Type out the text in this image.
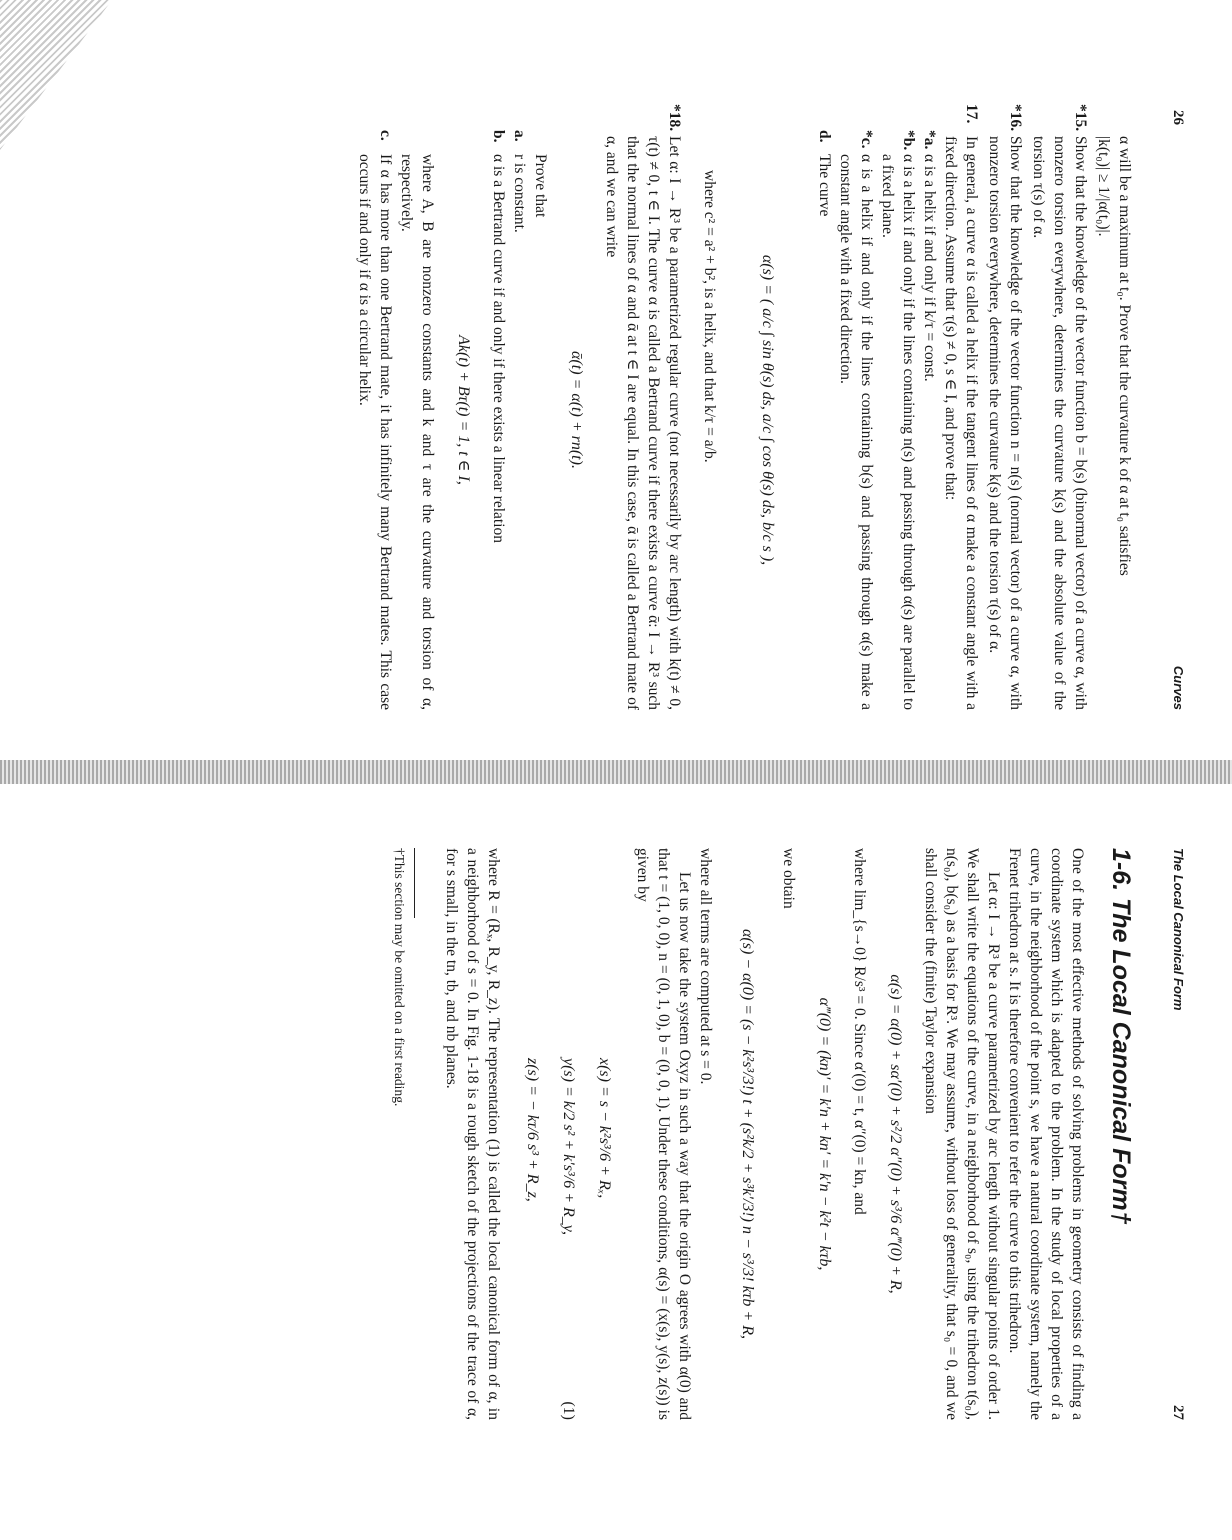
26
Curves

α will be a maximum at t₀. Prove that the curvature k of α at t₀ satisfies

|k(t₀)| ≥ 1/|α(t₀)|.

*15.
Show that the knowledge of the vector function b = b(s) (binormal vector) of a curve α, with nonzero torsion everywhere, determines the curvature k(s) and the absolute value of the torsion τ(s) of α.
*16.
Show that the knowledge of the vector function n = n(s) (normal vector) of a curve α, with nonzero torsion everywhere, determines the curvature k(s) and the torsion τ(s) of α.
17.
In general, a curve α is called a helix if the tangent lines of α make a constant angle with a fixed direction. Assume that τ(s) ≠ 0, s ∈ I, and prove that:
*a.
α is a helix if and only if k/τ = const.
*b.
α is a helix if and only if the lines containing n(s) and passing through α(s) are parallel to a fixed plane.
*c.
α is a helix if and only if the lines containing b(s) and passing through α(s) make a constant angle with a fixed direction.
d.
The curve
α(s) = ( a/c ∫ sin θ(s) ds, a/c ∫ cos θ(s) ds, b/c s ),

where c² = a² + b², is a helix, and that k/τ = a/b.

*18.
Let α: I → R³ be a parametrized regular curve (not necessarily by arc length) with k(t) ≠ 0, τ(t) ≠ 0, t ∈ I. The curve α is called a Bertrand curve if there exists a curve ᾱ: I → R³ such that the normal lines of α and ᾱ at t ∈ I are equal. In this case, ᾱ is called a Bertrand mate of α, and we can write
ᾱ(t) = α(t) + rn(t).

Prove that

a.
r is constant.
b.
α is a Bertrand curve if and only if there exists a linear relation
Ak(t) + Bτ(t) = 1, t ∈ I,

where A, B are nonzero constants and k and τ are the curvature and torsion of α, respectively.

c.
If α has more than one Bertrand mate, it has infinitely many Bertrand mates. This case occurs if and only if α is a circular helix.
The Local Canonical Form
27
1-6. The Local Canonical Form†

One of the most effective methods of solving problems in geometry consists of finding a coordinate system which is adapted to the problem. In the study of local properties of a curve, in the neighborhood of the point s, we have a natural coordinate system, namely the Frenet trihedron at s. It is therefore convenient to refer the curve to this trihedron.

Let α: I → R³ be a curve parametrized by arc length without singular points of order 1. We shall write the equations of the curve, in a neighborhood of s₀, using the trihedron t(s₀), n(s₀), b(s₀) as a basis for R³. We may assume, without loss of generality, that s₀ = 0, and we shall consider the (finite) Taylor expansion

α(s) = α(0) + sα′(0) + s²/2 α″(0) + s³/6 α‴(0) + R,

where lim_{s→0} R/s³ = 0. Since α′(0) = t, α″(0) = kn, and

α‴(0) = (kn)′ = k′n + kn′ = k′n − k²t − kτb,

we obtain

α(s) − α(0) = (s − k²s³/3!) t + (s²k/2 + s³k′/3!) n − s³/3! kτb + R,

where all terms are computed at s = 0.

Let us now take the system Oxyz in such a way that the origin O agrees with α(0) and that t = (1, 0, 0), n = (0, 1, 0), b = (0, 0, 1). Under these conditions, α(s) = (x(s), y(s), z(s)) is given by

x(s) = s − k²s³/6 + Rₓ,
y(s) = k/2 s² + k′s³/6 + R_y,
z(s) = − kτ/6 s³ + R_z,
(1)

where R = (Rₓ, R_y, R_z). The representation (1) is called the local canonical form of α, in a neighborhood of s = 0. In Fig. 1-18 is a rough sketch of the projections of the trace of α, for s small, in the tn, tb, and nb planes.

†This section may be omitted on a first reading.
